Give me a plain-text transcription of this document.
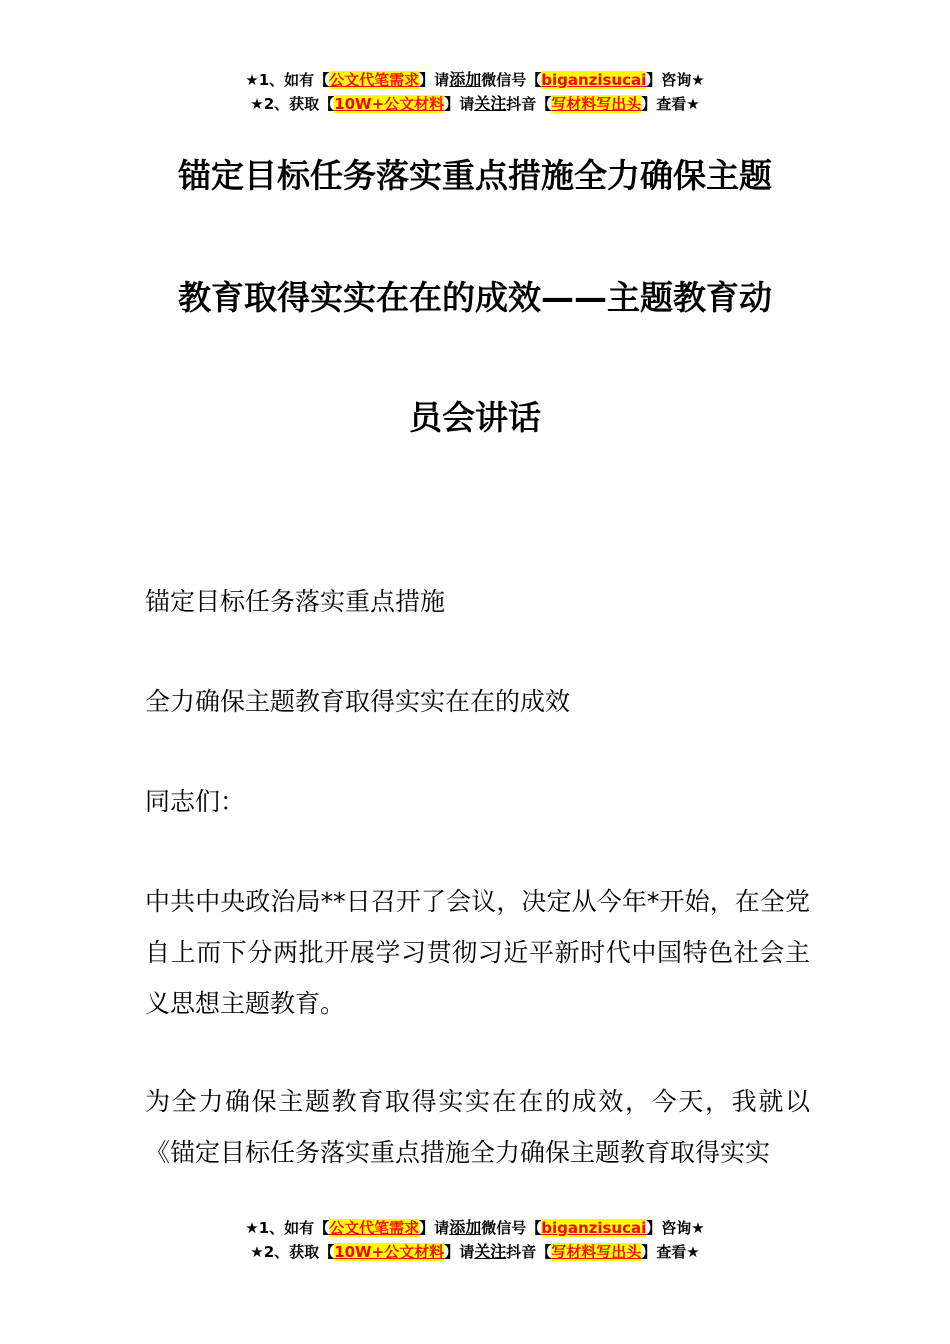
★1、如有【公文代笔需求】请添加微信号【biganzisucai】咨询★
★2、获取【10W+公文材料】请关注抖音【写材料写出头】查看★
锚定目标任务落实重点措施全力确保主题
教育取得实实在在的成效——主题教育动
员会讲话
锚定目标任务落实重点措施
全力确保主题教育取得实实在在的成效
同志们：
中共中央政治局**日召开了会议，决定从今年*开始，在全党自上而下分两批开展学习贯彻习近平新时代中国特色社会主义思想主题教育。
为全力确保主题教育取得实实在在的成效，今天，我就以《锚定目标任务落实重点措施全力确保主题教育取得实实
★1、如有【公文代笔需求】请添加微信号【biganzisucai】咨询★
★2、获取【10W+公文材料】请关注抖音【写材料写出头】查看★
